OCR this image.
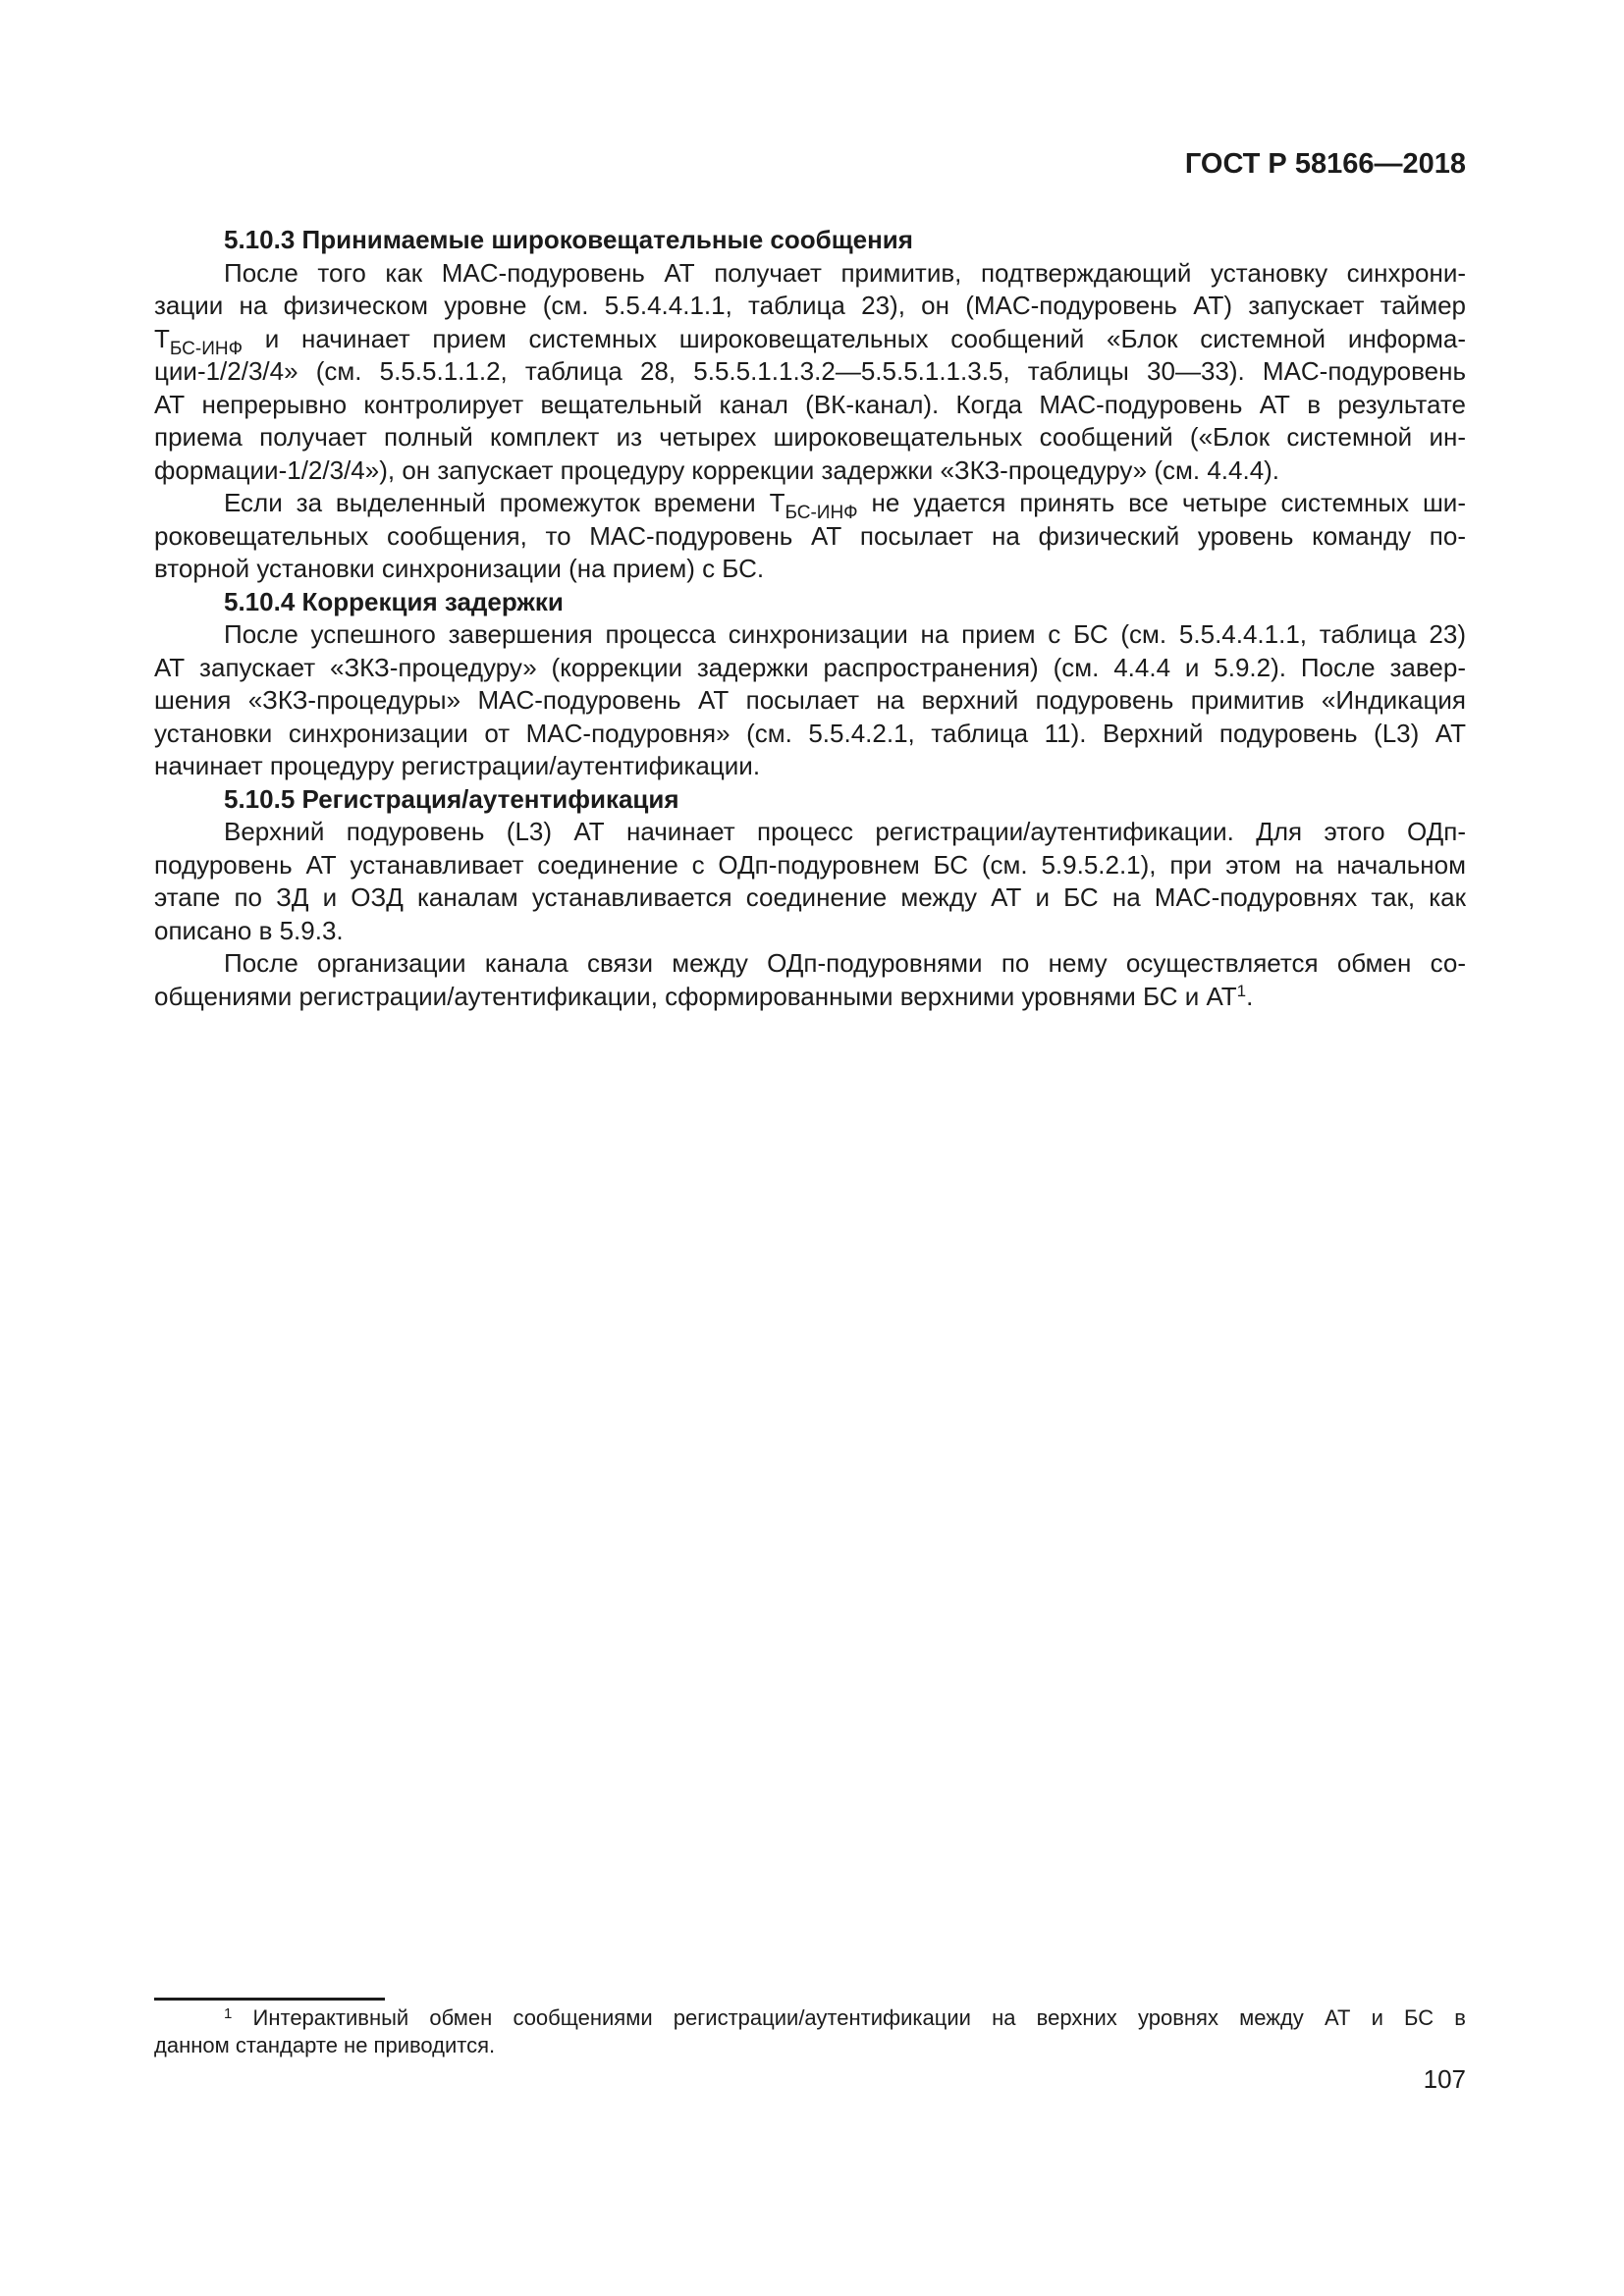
ГОСТ Р 58166—2018
5.10.3 Принимаемые широковещательные сообщения
После того как MAC-подуровень АТ получает примитив, подтверждающий установку синхрони-
зации на физическом уровне (см. 5.5.4.4.1.1, таблица 23), он (MAC-подуровень АТ) запускает таймер
$Т_{БС-ИНФ}$ и начинает прием системных широковещательных сообщений «Блок системной информа-
ции-1/2/3/4» (см. 5.5.5.1.1.2, таблица 28, 5.5.5.1.1.3.2—5.5.5.1.1.3.5, таблицы 30—33). MAC-подуровень
АТ непрерывно контролирует вещательный канал (ВК-канал). Когда MAC-подуровень АТ в результате
приема получает полный комплект из четырех широковещательных сообщений («Блок системной ин-
формации-1/2/3/4»), он запускает процедуру коррекции задержки «ЗКЗ-процедуру» (см. 4.4.4).
Если за выделенный промежуток времени $Т_{БС-ИНФ}$ не удается принять все четыре системных ши-
роковещательных сообщения, то MAC-подуровень АТ посылает на физический уровень команду по-
вторной установки синхронизации (на прием) с БС.
5.10.4 Коррекция задержки
После успешного завершения процесса синхронизации на прием с БС (см. 5.5.4.4.1.1, таблица 23)
АТ запускает «ЗКЗ-процедуру» (коррекции задержки распространения) (см. 4.4.4 и 5.9.2). После завер-
шения «ЗКЗ-процедуры» MAC-подуровень АТ посылает на верхний подуровень примитив «Индикация
установки синхронизации от MAC-подуровня» (см. 5.5.4.2.1, таблица 11). Верхний подуровень (L3) АТ
начинает процедуру регистрации/аутентификации.
5.10.5 Регистрация/аутентификация
Верхний подуровень (L3) АТ начинает процесс регистрации/аутентификации. Для этого ОДп-
подуровень АТ устанавливает соединение с ОДп-подуровнем БС (см. 5.9.5.2.1), при этом на начальном
этапе по ЗД и ОЗД каналам устанавливается соединение между АТ и БС на MAC-подуровнях так, как
описано в 5.9.3.
После организации канала связи между ОДп-подуровнями по нему осуществляется обмен со-
общениями регистрации/аутентификации, сформированными верхними уровнями БС и $АТ^1$.
$^1$ Интерактивный обмен сообщениями регистрации/аутентификации на верхних уровнях между АТ и БС в
данном стандарте не приводится.
107
